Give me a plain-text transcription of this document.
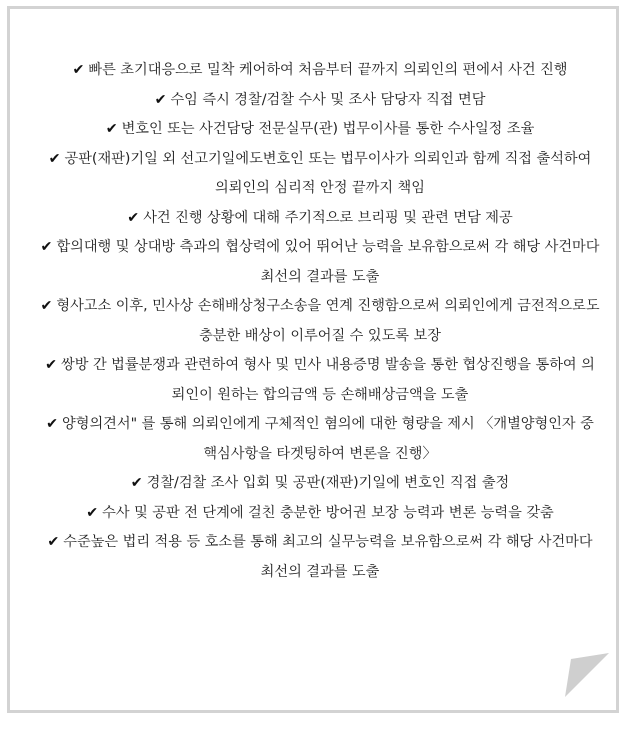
✔ 빠른 초기대응으로 밀착 케어하여 처음부터 끝까지 의뢰인의 편에서 사건 진행
✔ 수임 즉시 경찰/검찰 수사 및 조사 담당자 직접 면담
✔ 변호인 또는 사건담당 전문실무(관) 법무이사를 통한 수사일정 조율
✔ 공판(재판)기일 외 선고기일에도변호인 또는 법무이사가 의뢰인과 함께 직접 출석하여 의뢰인의 심리적 안정 끝까지 책임
✔ 사건 진행 상황에 대해 주기적으로 브리핑 및 관련 면담 제공
✔ 합의대행 및 상대방 측과의 협상력에 있어 뛰어난 능력을 보유함으로써 각 해당 사건마다 최선의 결과를 도출
✔ 형사고소 이후, 민사상 손해배상청구소송을 연계 진행함으로써 의뢰인에게 금전적으로도 충분한 배상이 이루어질 수 있도록 보장
✔ 쌍방 간 법률분쟁과 관련하여 형사 및 민사 내용증명 발송을 통한 협상진행을 통하여 의뢰인이 원하는 합의금액 등 손해배상금액을 도출
✔ 양형의견서" 를 통해 의뢰인에게 구체적인 혐의에 대한 형량을 제시 〈개별양형인자 중 핵심사항을 타겟팅하여 변론을 진행〉
✔ 경찰/검찰 조사 입회 및 공판(재판)기일에 변호인 직접 출정
✔ 수사 및 공판 전 단계에 걸친 충분한 방어권 보장 능력과 변론 능력을 갖춤
✔ 수준높은 법리 적용 등 호소를 통해 최고의 실무능력을 보유함으로써 각 해당 사건마다 최선의 결과를 도출
